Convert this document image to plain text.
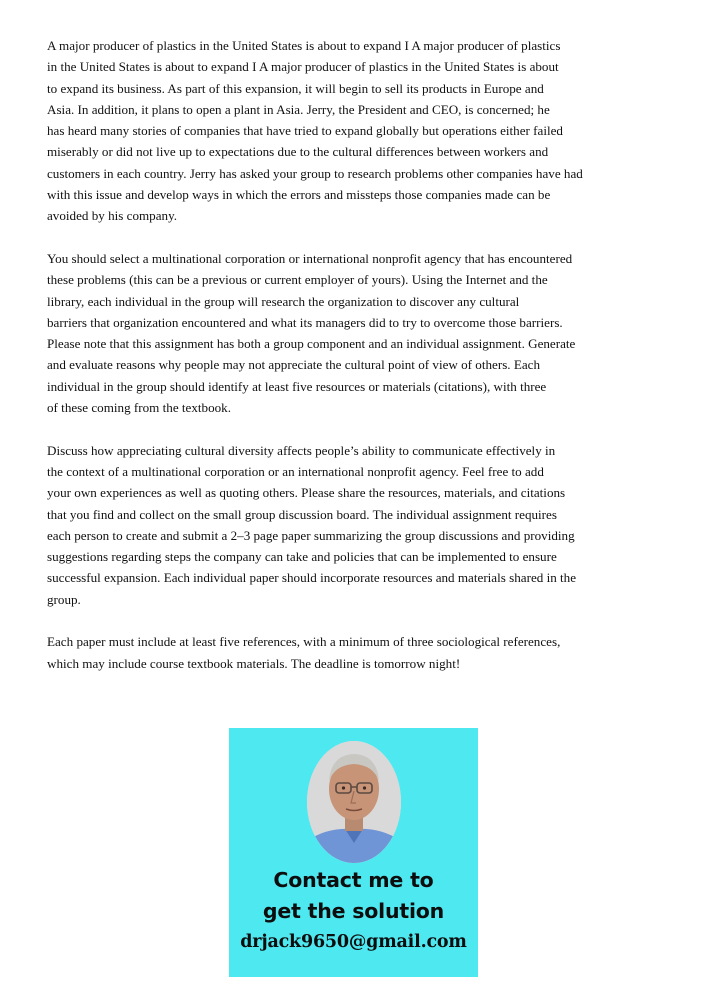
A major producer of plastics in the United States is about to expand I A major producer of plastics
in the United States is about to expand I A major producer of plastics in the United States is about
to expand its business. As part of this expansion, it will begin to sell its products in Europe and
Asia. In addition, it plans to open a plant in Asia. Jerry, the President and CEO, is concerned; he
has heard many stories of companies that have tried to expand globally but operations either failed
miserably or did not live up to expectations due to the cultural differences between workers and
customers in each country. Jerry has asked your group to research problems other companies have had
with this issue and develop ways in which the errors and missteps those companies made can be
avoided by his company.

You should select a multinational corporation or international nonprofit agency that has encountered
these problems (this can be a previous or current employer of yours). Using the Internet and the
library, each individual in the group will research the organization to discover any cultural
barriers that organization encountered and what its managers did to try to overcome those barriers.
Please note that this assignment has both a group component and an individual assignment. Generate
and evaluate reasons why people may not appreciate the cultural point of view of others. Each
individual in the group should identify at least five resources or materials (citations), with three
of these coming from the textbook.

Discuss how appreciating cultural diversity affects people’s ability to communicate effectively in
the context of a multinational corporation or an international nonprofit agency. Feel free to add
your own experiences as well as quoting others. Please share the resources, materials, and citations
that you find and collect on the small group discussion board. The individual assignment requires
each person to create and submit a 2–3 page paper summarizing the group discussions and providing
suggestions regarding steps the company can take and policies that can be implemented to ensure
successful expansion. Each individual paper should incorporate resources and materials shared in the
group.

Each paper must include at least five references, with a minimum of three sociological references,
which may include course textbook materials. The deadline is tomorrow night!

Contact me to
get the solution
drjack9650@gmail.com
